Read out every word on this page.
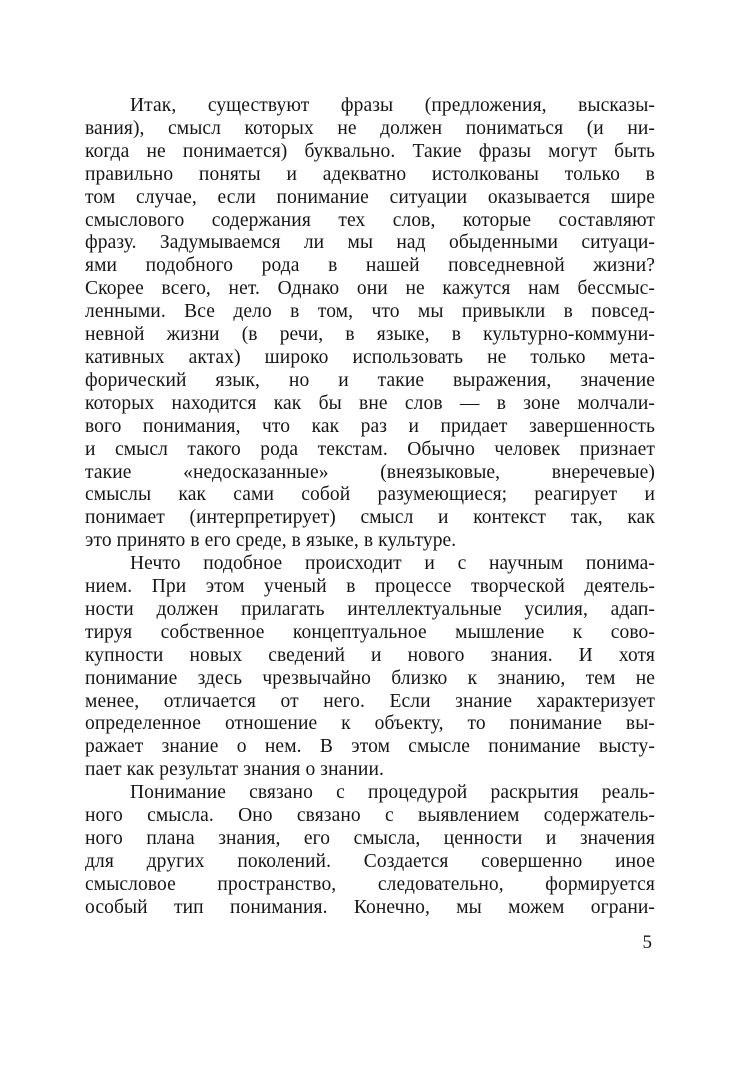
Итак, существуют фразы (предложения, высказы-
вания), смысл которых не должен пониматься (и ни-
когда не понимается) буквально. Такие фразы могут быть
правильно поняты и адекватно истолкованы только в
том случае, если понимание ситуации оказывается шире
смыслового содержания тех слов, которые составляют
фразу. Задумываемся ли мы над обыденными ситуаци-
ями подобного рода в нашей повседневной жизни?
Скорее всего, нет. Однако они не кажутся нам бессмыс-
ленными. Все дело в том, что мы привыкли в повсед-
невной жизни (в речи, в языке, в культурно-коммуни-
кативных актах) широко использовать не только мета-
форический язык, но и такие выражения, значение
которых находится как бы вне слов — в зоне молчали-
вого понимания, что как раз и придает завершенность
и смысл такого рода текстам. Обычно человек признает
такие «недосказанные» (внеязыковые, внеречевые)
смыслы как сами собой разумеющиеся; реагирует и
понимает (интерпретирует) смысл и контекст так, как
это принято в его среде, в языке, в культуре.
Нечто подобное происходит и с научным понима-
нием. При этом ученый в процессе творческой деятель-
ности должен прилагать интеллектуальные усилия, адап-
тируя собственное концептуальное мышление к сово-
купности новых сведений и нового знания. И хотя
понимание здесь чрезвычайно близко к знанию, тем не
менее, отличается от него. Если знание характеризует
определенное отношение к объекту, то понимание вы-
ражает знание о нем. В этом смысле понимание высту-
пает как результат знания о знании.
Понимание связано с процедурой раскрытия реаль-
ного смысла. Оно связано с выявлением содержатель-
ного плана знания, его смысла, ценности и значения
для других поколений. Создается совершенно иное
смысловое пространство, следовательно, формируется
особый тип понимания. Конечно, мы можем ограни-
5
